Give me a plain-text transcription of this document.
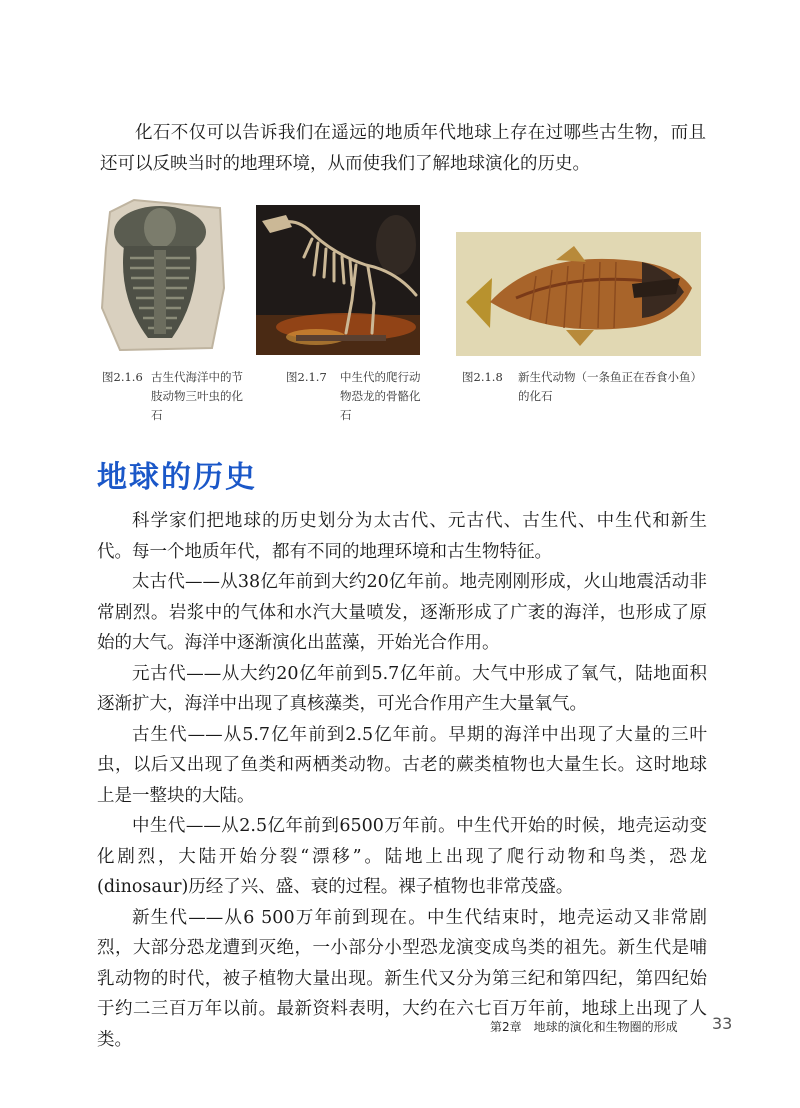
化石不仅可以告诉我们在遥远的地质年代地球上存在过哪些古生物，而且还可以反映当时的地理环境，从而使我们了解地球演化的历史。

图2.1.6 古生代海洋中的节肢动物三叶虫的化石
图2.1.7 中生代的爬行动物恐龙的骨骼化石
图2.1.8 新生代动物（一条鱼正在吞食小鱼）的化石
地球的历史

科学家们把地球的历史划分为太古代、元古代、古生代、中生代和新生代。每一个地质年代，都有不同的地理环境和古生物特征。

太古代——从38亿年前到大约20亿年前。地壳刚刚形成，火山地震活动非常剧烈。岩浆中的气体和水汽大量喷发，逐渐形成了广袤的海洋，也形成了原始的大气。海洋中逐渐演化出蓝藻，开始光合作用。

元古代——从大约20亿年前到5.7亿年前。大气中形成了氧气，陆地面积逐渐扩大，海洋中出现了真核藻类，可光合作用产生大量氧气。

古生代——从5.7亿年前到2.5亿年前。早期的海洋中出现了大量的三叶虫，以后又出现了鱼类和两栖类动物。古老的蕨类植物也大量生长。这时地球上是一整块的大陆。

中生代——从2.5亿年前到6500万年前。中生代开始的时候，地壳运动变化剧烈，大陆开始分裂“漂移”。陆地上出现了爬行动物和鸟类，恐龙(dinosaur)历经了兴、盛、衰的过程。裸子植物也非常茂盛。

新生代——从6 500万年前到现在。中生代结束时，地壳运动又非常剧烈，大部分恐龙遭到灭绝，一小部分小型恐龙演变成鸟类的祖先。新生代是哺乳动物的时代，被子植物大量出现。新生代又分为第三纪和第四纪，第四纪始于约二三百万年以前。最新资料表明，大约在六七百万年前，地球上出现了人类。

第2章　地球的演化和生物圈的形成 33
